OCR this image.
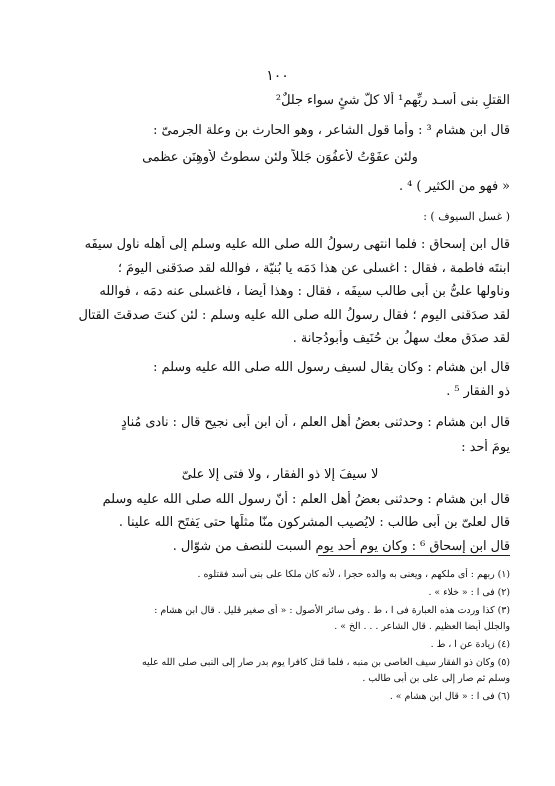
١٠٠
القتلِ بنى أسـد ربِّهم¹ ألا كلّ شئٍ سواء جللٌ²
قال ابن هشام ³ : وأما قول الشاعر ، وهو الحارث بن وعلة الجرمىّ :
ولئن عفَوْتُ لأعفُوَن جَللاً ولئن سطوتُ لأوهِنَن عظمى
« فهو من الكثير ) ⁴ .
( غسل السيوف ) :
قال ابن إسحاق : فلما انتهى رسولُ الله صلى الله عليه وسلم إلى أهله ناول سيفَه
ابنتَه فاطمة ، فقال : اغسلى عن هذا دَمَه يا بُنيّة ، فوالله لقد صدَقنى اليومَ ؛
وناولها علىُّ بن أبى طالب سيفَه ، فقال : وهذا أيضا ، فاغسلى عنه دمَه ، فوالله
لقد صدَقنى اليوم ؛ فقال رسولُ الله صلى الله عليه وسلم : لئن كنتَ صدقتَ القتال
لقد صدَق معك سهلُ بن حُنَيف وأبودُجانة .
قال ابن هشام : وكان يقال لسيف رسول الله صلى الله عليه وسلم :
ذو الفقار ⁵ .
قال ابن هشام : وحدثنى بعضُ أهل العلم ، أن ابن أبى نجيح قال : نادى مُنادٍ
يومَ أُحد :
لا سيفَ إلا ذو الفقار ، ولا فتى إلا علىّ
قال ابن هشام : وحدثنى بعضُ أهل العلم : أنّ رسول الله صلى الله عليه وسلم
قال لعلىّ بن أبى طالب : لايُصيب المشركون منّا مثلَها حتى يَفتَح الله علينا .
قال ابن إسحاق ⁶ : وكان يوم أُحد يوم السبت للنصف من شوّال .
(١) ربهم : أى ملكهم ، ويعنى به والده حجرا ، لأنه كان ملكا على بنى أسد فقتلوه .
(٢) فى ا : « خلاء » .
(٣) كذا وردت هذه العبارة فى ا ، ط . وفى سائر الأصول : « أى صغير قليل . قال ابن هشام :
والجلل أيضا العظيم . قال الشاعر . . . الخ » .
(٤) زيادة عن ا ، ط .
(٥) وكان ذو الفقار سيف العاصى بن منبه ، فلما قتل كافرا يوم بدر صار إلى النبى صلى الله عليه
وسلم ثم صار إلى على بن أبى طالب .
(٦) فى ا : « قال ابن هشام » .
